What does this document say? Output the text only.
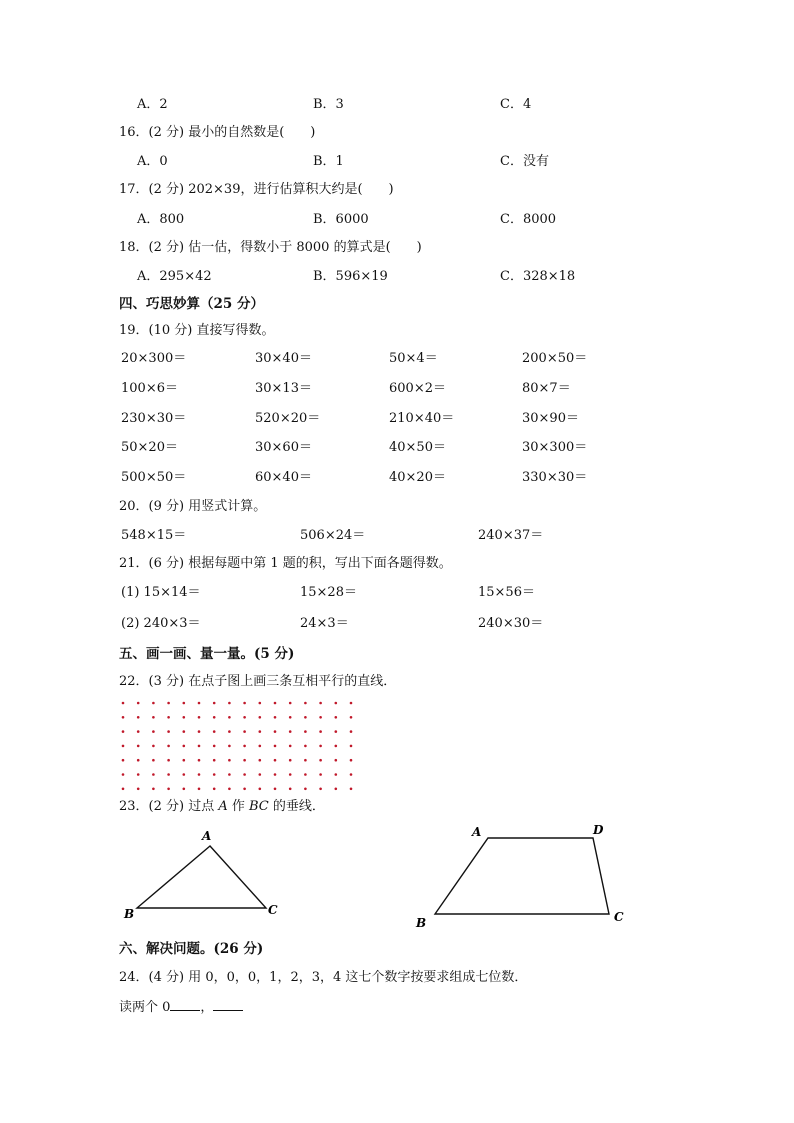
A．2	B．3	C．4
16．(2 分) 最小的自然数是(　　)
A．0	B．1	C．没有
17．(2 分) 202×39，进行估算积大约是(　　)
A．800	B．6000	C．8000
18．(2 分) 估一估，得数小于 8000 的算式是(　　)
A．295×42	B．596×19	C．328×18
四、巧思妙算（25 分）
19．(10 分) 直接写得数。
20×300＝	30×40＝	50×4＝	200×50＝
100×6＝	30×13＝	600×2＝	80×7＝
230×30＝	520×20＝	210×40＝	30×90＝
50×20＝	30×60＝	40×50＝	30×300＝
500×50＝	60×40＝	40×20＝	330×30＝
20．(9 分) 用竖式计算。
548×15＝	506×24＝	240×37＝
21．(6 分) 根据每题中第 1 题的积，写出下面各题得数。
(1) 15×14＝	15×28＝	15×56＝
(2) 240×3＝	24×3＝	240×30＝
五、画一画、量一量。(5 分)
22．(3 分) 在点子图上画三条互相平行的直线．
23．(2 分) 过点 A 作 BC 的垂线．
A
B	C
A	D
B	C
六、解决问题。(26 分)
24．(4 分) 用 0，0，0，1，2，3，4 这七个数字按要求组成七位数．
读两个 0 ，
